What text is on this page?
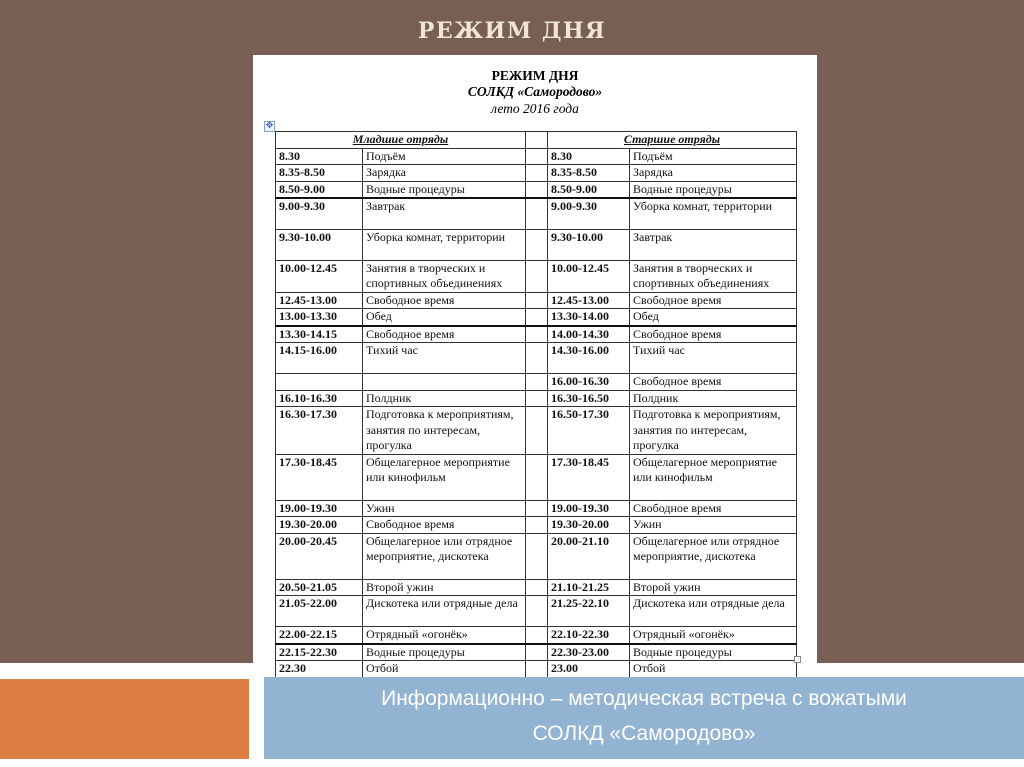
РЕЖИМ ДНЯ
РЕЖИМ ДНЯ
СОЛКД «Самородово»
лето 2016 года
✥
Младшие отряды			Старшие отряды	
8.30	Подъём		8.30	Подъём
8.35-8.50	Зарядка		8.35-8.50	Зарядка
8.50-9.00	Водные процедуры		8.50-9.00	Водные процедуры
9.00-9.30	Завтрак		9.00-9.30	Уборка комнат, территории
9.30-10.00	Уборка комнат, территории		9.30-10.00	Завтрак
10.00-12.45	Занятия в творческих и спортивных объединениях		10.00-12.45	Занятия в творческих и спортивных объединениях
12.45-13.00	Свободное время		12.45-13.00	Свободное время
13.00-13.30	Обед		13.30-14.00	Обед
13.30-14.15	Свободное время		14.00-14.30	Свободное время
14.15-16.00	Тихий час		14.30-16.00	Тихий час
			16.00-16.30	Свободное время
16.10-16.30	Полдник		16.30-16.50	Полдник
16.30-17.30	Подготовка к мероприятиям, занятия по интересам, прогулка		16.50-17.30	Подготовка к мероприятиям, занятия по интересам, прогулка
17.30-18.45	Общелагерное мероприятие или кинофильм		17.30-18.45	Общелагерное мероприятие или кинофильм
19.00-19.30	Ужин		19.00-19.30	Свободное время
19.30-20.00	Свободное время		19.30-20.00	Ужин
20.00-20.45	Общелагерное или отрядное мероприятие, дискотека		20.00-21.10	Общелагерное или отрядное мероприятие, дискотека
20.50-21.05	Второй ужин		21.10-21.25	Второй ужин
21.05-22.00	Дискотека или отрядные дела		21.25-22.10	Дискотека или отрядные дела
22.00-22.15	Отрядный «огонёк»		22.10-22.30	Отрядный «огонёк»
22.15-22.30	Водные процедуры		22.30-23.00	Водные процедуры
22.30	Отбой		23.00	Отбой
Информационно – методическая встреча с вожатыми
СОЛКД «Самородово»
